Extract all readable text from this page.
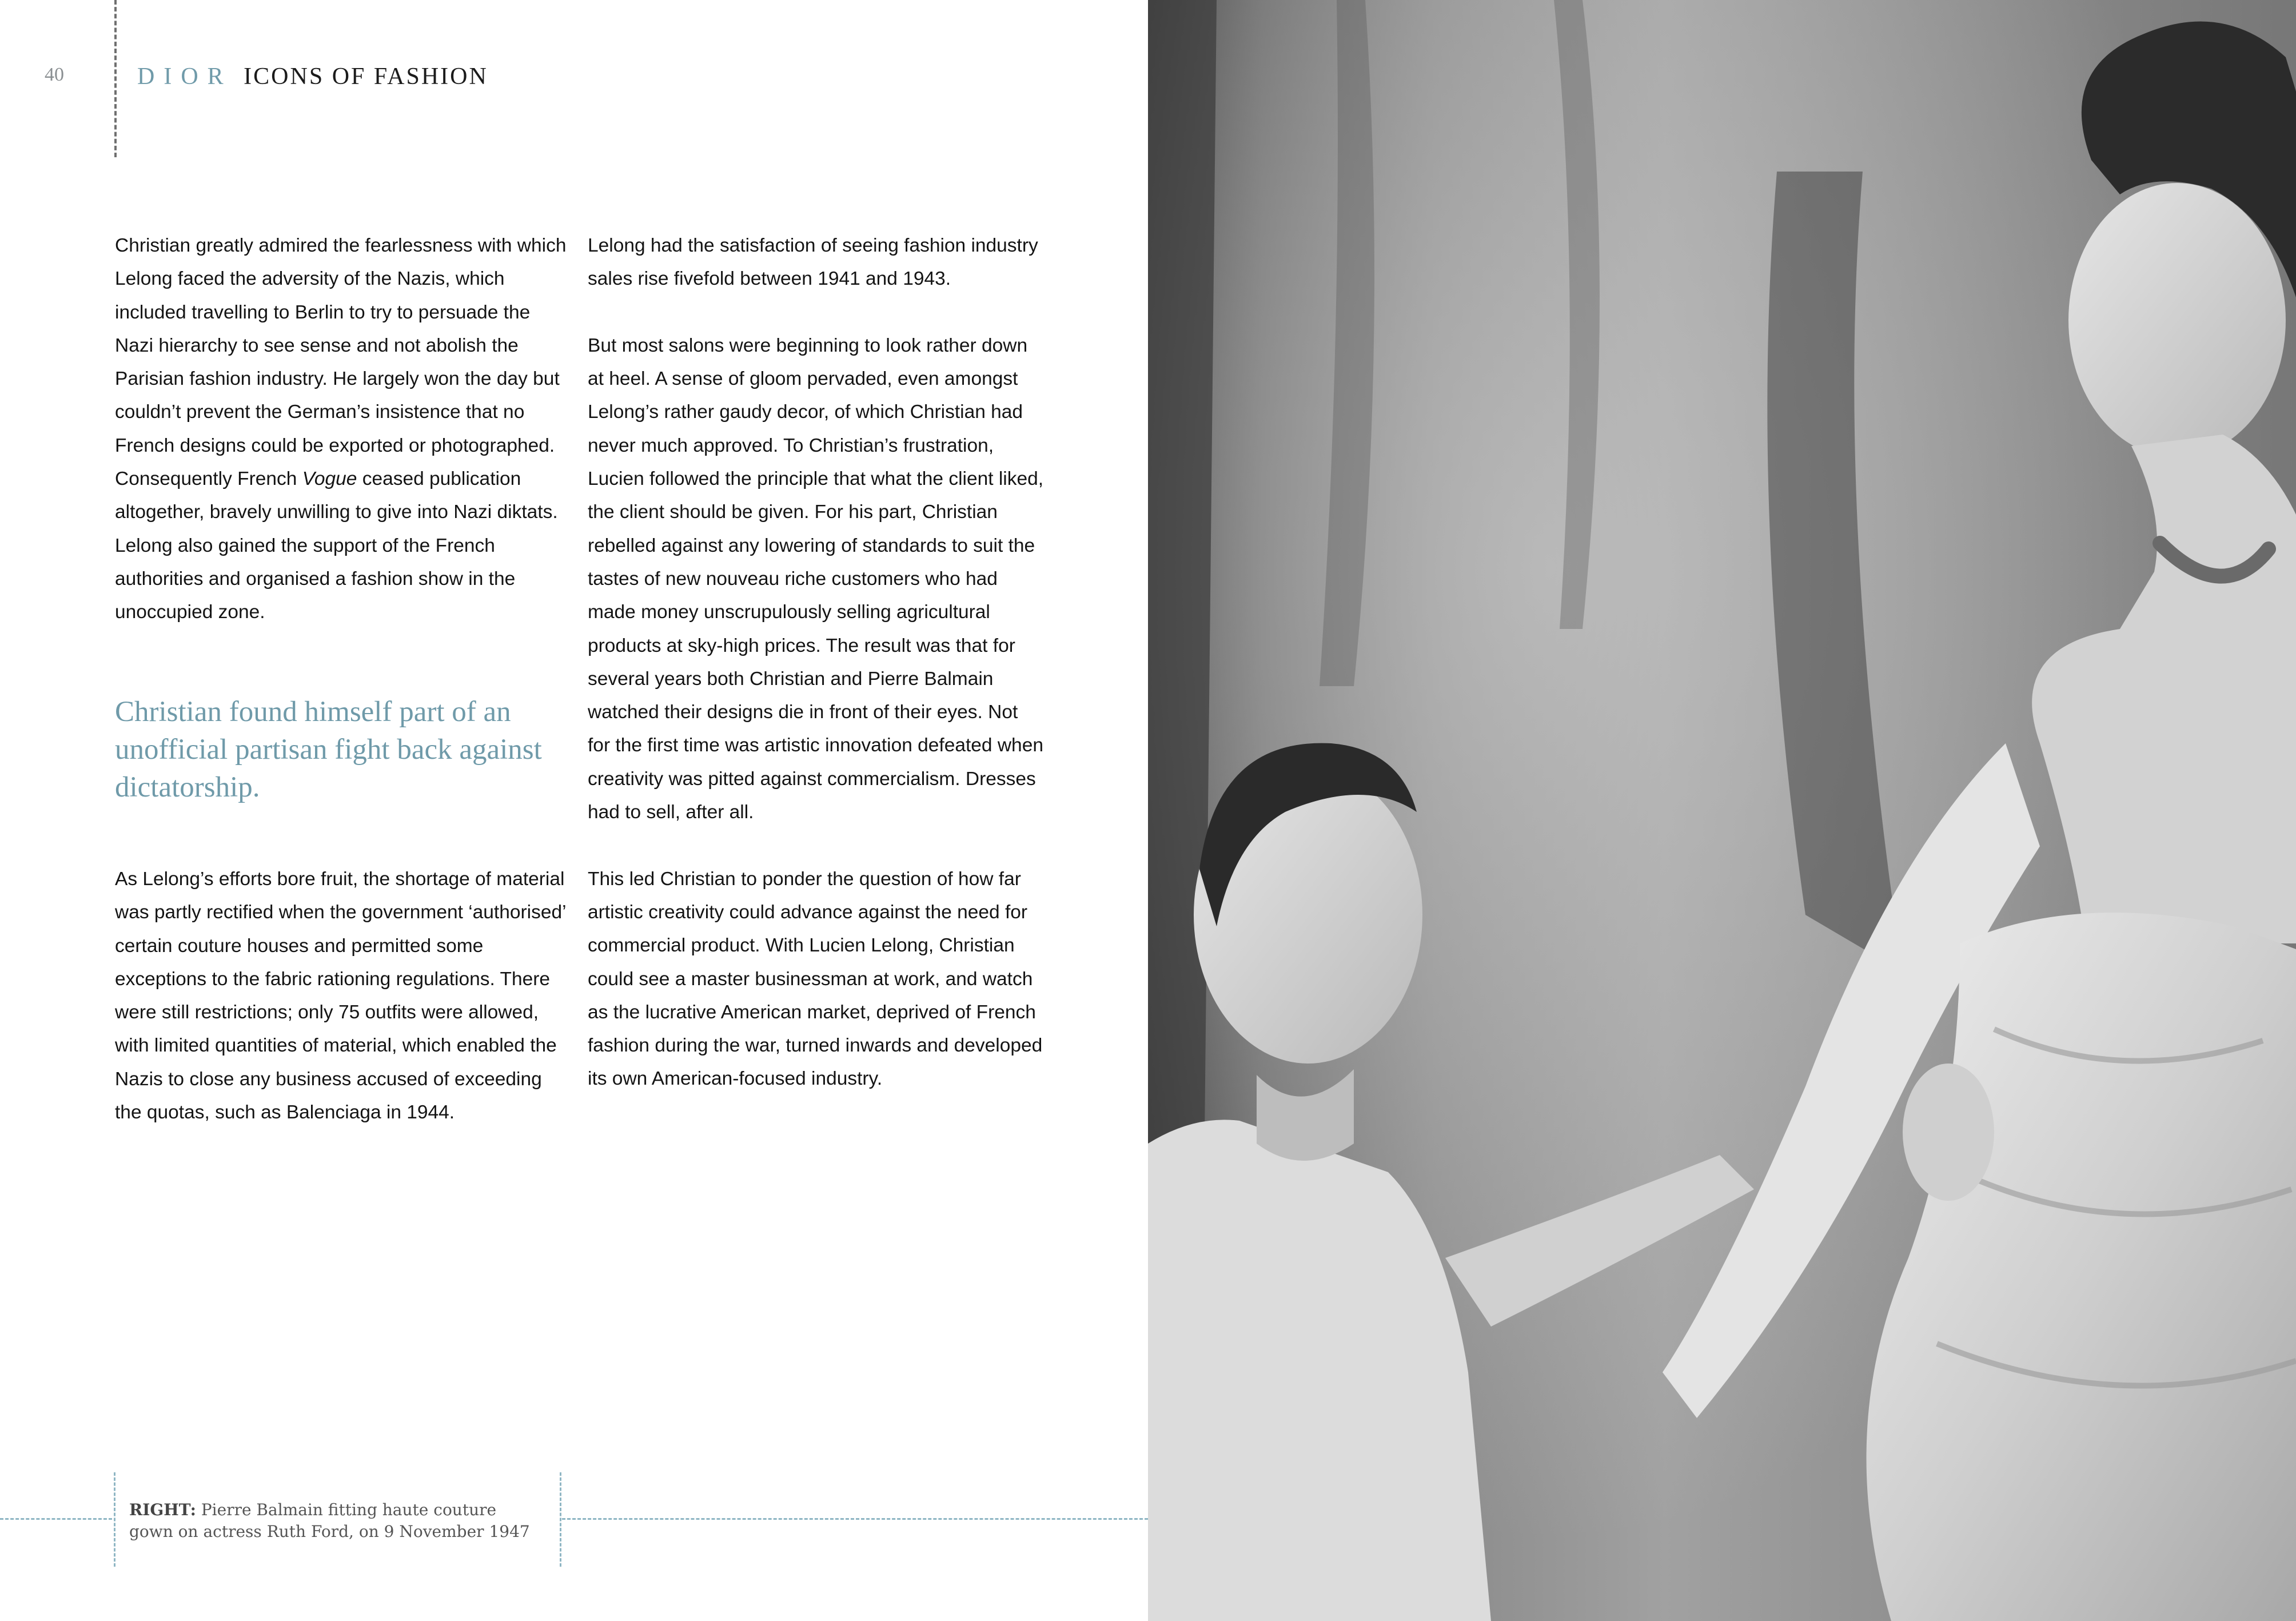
40	DIOR ICONS OF FASHION

Christian greatly admired the fearlessness with which Lelong faced the adversity of the Nazis, which included travelling to Berlin to try to persuade the Nazi hierarchy to see sense and not abolish the Parisian fashion industry. He largely won the day but couldn’t prevent the German’s insistence that no French designs could be exported or photographed. Consequently French Vogue ceased publication altogether, bravely unwilling to give into Nazi diktats. Lelong also gained the support of the French authorities and organised a fashion show in the unoccupied zone.

Christian found himself part of an unofficial partisan fight back against dictatorship.

As Lelong’s efforts bore fruit, the shortage of material was partly rectified when the government ‘authorised’ certain couture houses and permitted some exceptions to the fabric rationing regulations. There were still restrictions; only 75 outfits were allowed, with limited quantities of material, which enabled the Nazis to close any business accused of exceeding the quotas, such as Balenciaga in 1944.

Lelong had the satisfaction of seeing fashion industry sales rise fivefold between 1941 and 1943.

But most salons were beginning to look rather down at heel. A sense of gloom pervaded, even amongst Lelong’s rather gaudy decor, of which Christian had never much approved. To Christian’s frustration, Lucien followed the principle that what the client liked, the client should be given. For his part, Christian rebelled against any lowering of standards to suit the tastes of new nouveau riche customers who had made money unscrupulously selling agricultural products at sky-high prices. The result was that for several years both Christian and Pierre Balmain watched their designs die in front of their eyes. Not for the first time was artistic innovation defeated when creativity was pitted against commercialism. Dresses had to sell, after all.

This led Christian to ponder the question of how far artistic creativity could advance against the need for commercial product. With Lucien Lelong, Christian could see a master businessman at work, and watch as the lucrative American market, deprived of French fashion during the war, turned inwards and developed its own American-focused industry.

RIGHT: Pierre Balmain fitting haute couture gown on actress Ruth Ford, on 9 November 1947
